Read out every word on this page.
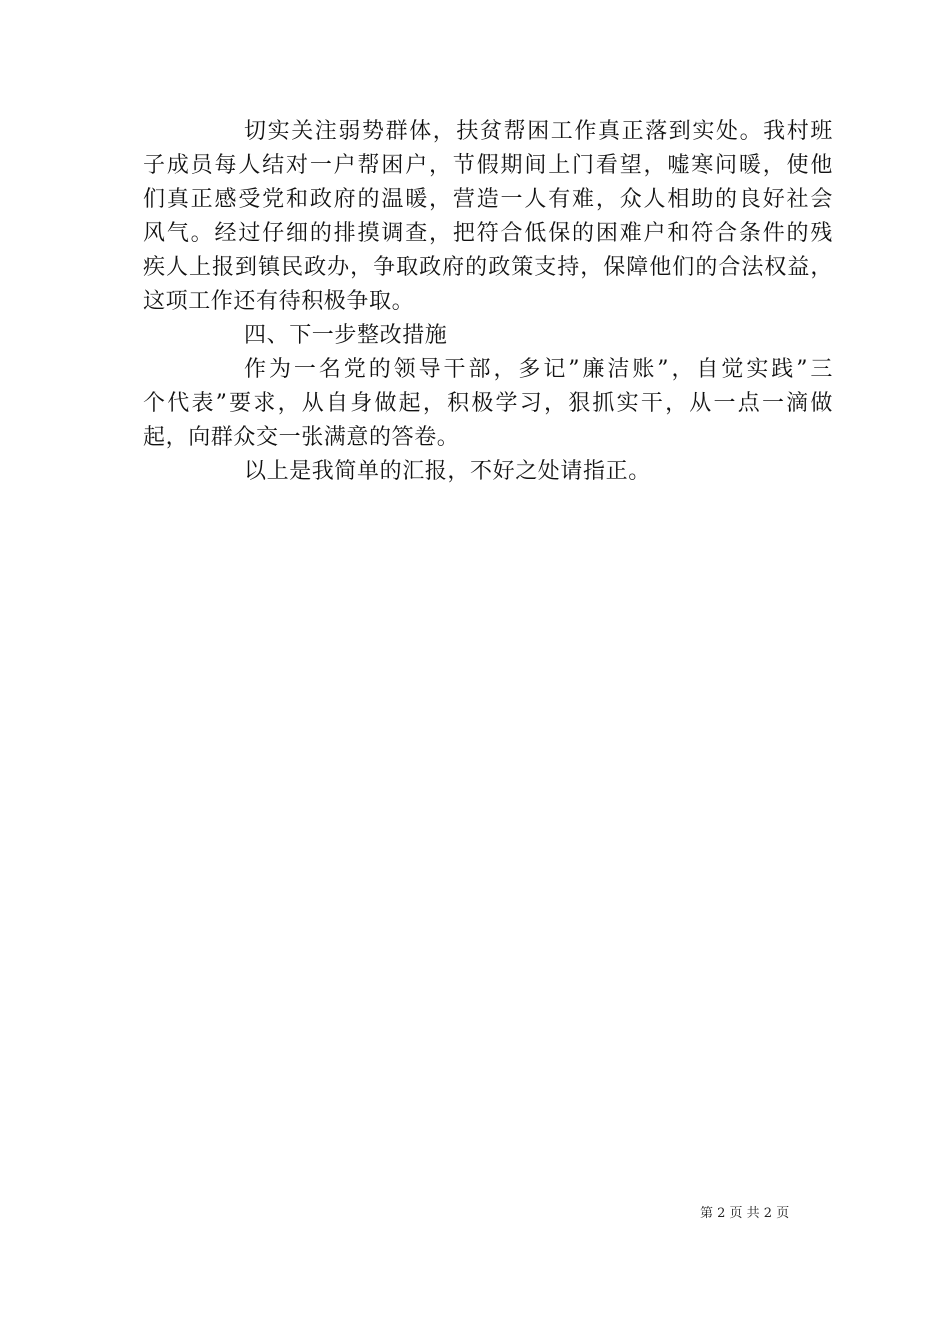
切实关注弱势群体，扶贫帮困工作真正落到实处。我村班
子成员每人结对一户帮困户，节假期间上门看望，嘘寒问暖，使他
们真正感受党和政府的温暖，营造一人有难，众人相助的良好社会
风气。经过仔细的排摸调查，把符合低保的困难户和符合条件的残
疾人上报到镇民政办，争取政府的政策支持，保障他们的合法权益，
这项工作还有待积极争取。
四、下一步整改措施
作为一名党的领导干部，多记”廉洁账”，自觉实践”三
个代表”要求，从自身做起，积极学习，狠抓实干，从一点一滴做
起，向群众交一张满意的答卷。
以上是我简单的汇报，不好之处请指正。
第 2 页 共 2 页
